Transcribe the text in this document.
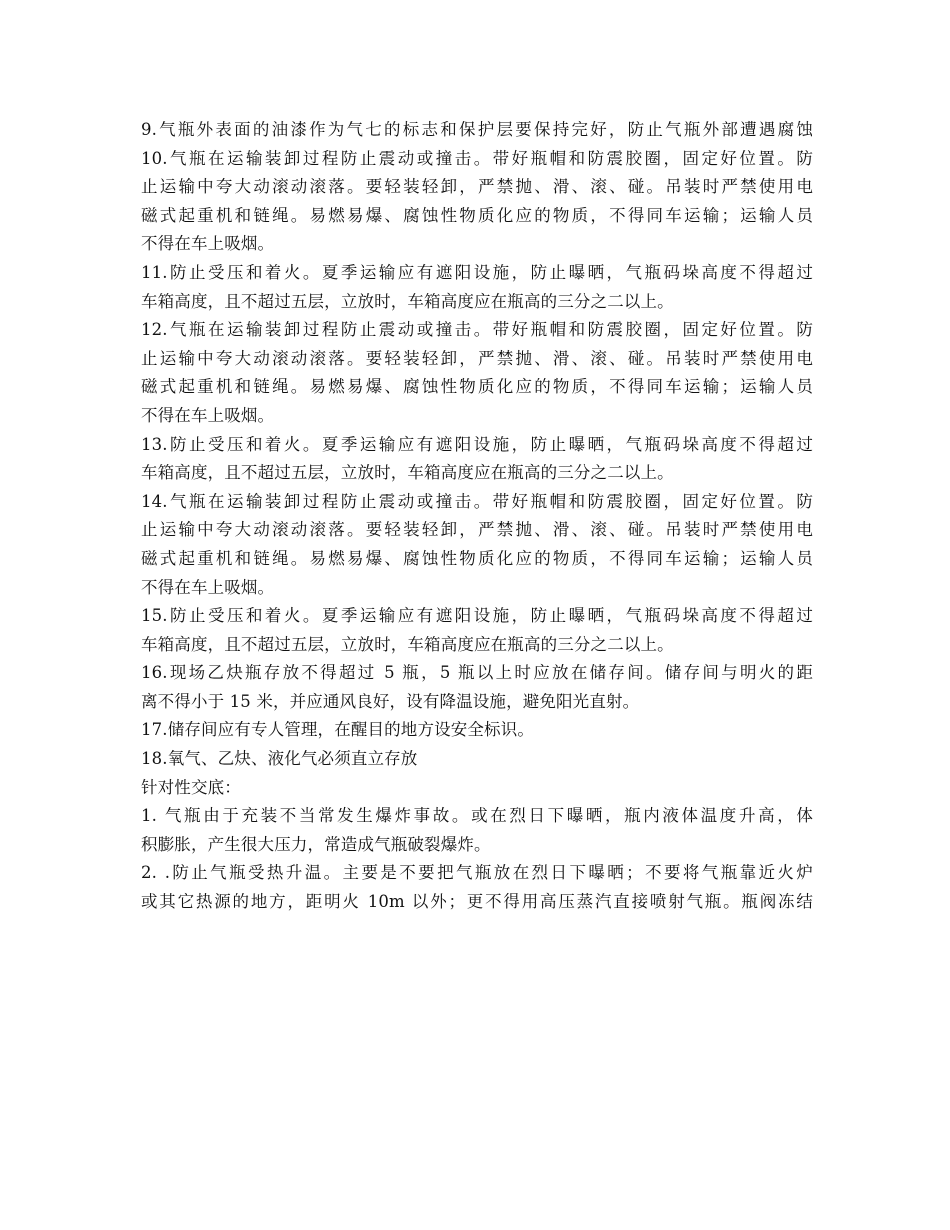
9.气瓶外表面的油漆作为气七的标志和保护层要保持完好，防止气瓶外部遭遇腐蚀
10.气瓶在运输装卸过程防止震动或撞击。带好瓶帽和防震胶圈，固定好位置。防
止运输中夸大动滚动滚落。要轻装轻卸，严禁抛、滑、滚、碰。吊装时严禁使用电
磁式起重机和链绳。易燃易爆、腐蚀性物质化应的物质，不得同车运输；运输人员
不得在车上吸烟。
11.防止受压和着火。夏季运输应有遮阳设施，防止曝晒，气瓶码垛高度不得超过
车箱高度，且不超过五层，立放时，车箱高度应在瓶高的三分之二以上。
12.气瓶在运输装卸过程防止震动或撞击。带好瓶帽和防震胶圈，固定好位置。防
止运输中夸大动滚动滚落。要轻装轻卸，严禁抛、滑、滚、碰。吊装时严禁使用电
磁式起重机和链绳。易燃易爆、腐蚀性物质化应的物质，不得同车运输；运输人员
不得在车上吸烟。
13.防止受压和着火。夏季运输应有遮阳设施，防止曝晒，气瓶码垛高度不得超过
车箱高度，且不超过五层，立放时，车箱高度应在瓶高的三分之二以上。
14.气瓶在运输装卸过程防止震动或撞击。带好瓶帽和防震胶圈，固定好位置。防
止运输中夸大动滚动滚落。要轻装轻卸，严禁抛、滑、滚、碰。吊装时严禁使用电
磁式起重机和链绳。易燃易爆、腐蚀性物质化应的物质，不得同车运输；运输人员
不得在车上吸烟。
15.防止受压和着火。夏季运输应有遮阳设施，防止曝晒，气瓶码垛高度不得超过
车箱高度，且不超过五层，立放时，车箱高度应在瓶高的三分之二以上。
16.现场乙炔瓶存放不得超过 5 瓶，5 瓶以上时应放在储存间。储存间与明火的距
离不得小于 15 米，并应通风良好，设有降温设施，避免阳光直射。
17.储存间应有专人管理，在醒目的地方设安全标识。
18.氧气、乙炔、液化气必须直立存放
针对性交底：
1. 气瓶由于充装不当常发生爆炸事故。或在烈日下曝晒，瓶内液体温度升高，体
积膨胀，产生很大压力，常造成气瓶破裂爆炸。
2. .防止气瓶受热升温。主要是不要把气瓶放在烈日下曝晒；不要将气瓶靠近火炉
或其它热源的地方，距明火 10m 以外；更不得用高压蒸汽直接喷射气瓶。瓶阀冻结
